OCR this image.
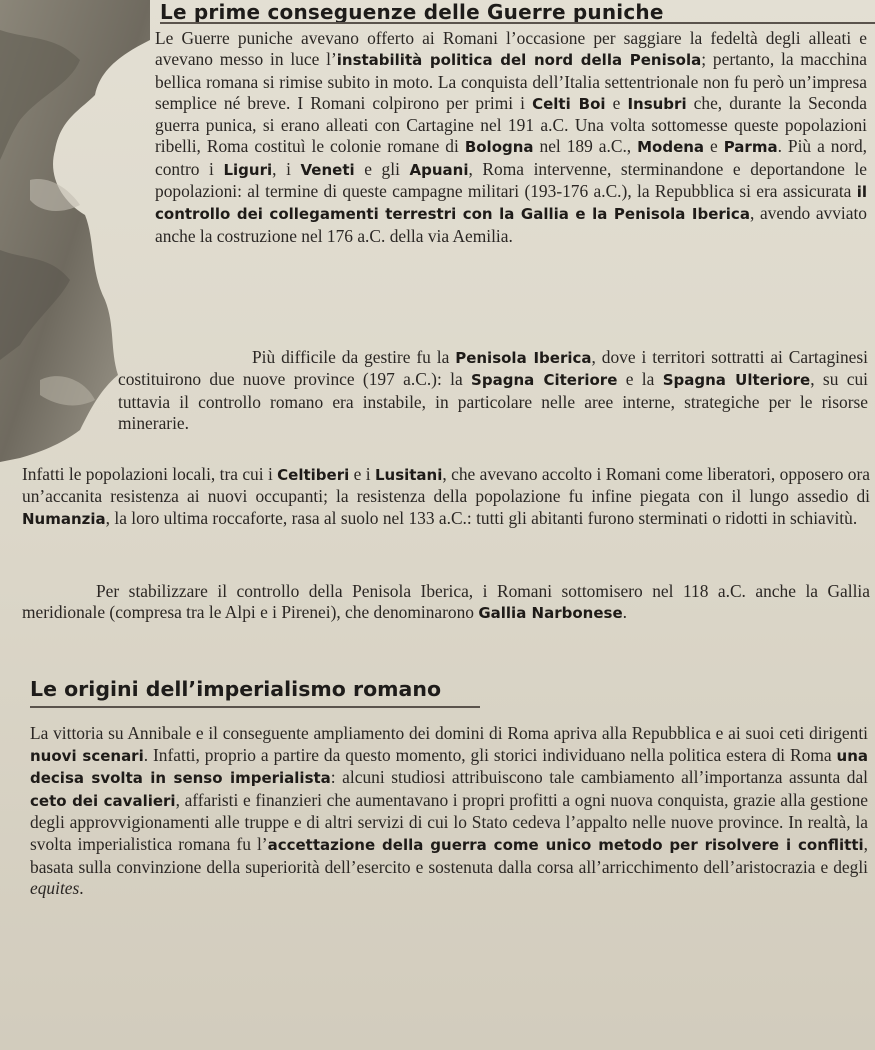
Le prime conseguenze delle Guerre puniche
Le Guerre puniche avevano offerto ai Romani l’occasione per saggiare la fedeltà degli alleati e avevano messo in luce l’instabilità politica del nord della Penisola; pertanto, la macchina bellica romana si rimise subito in moto. La conquista dell’Italia settentrionale non fu però un’impresa semplice né breve. I Romani colpirono per primi i Celti Boi e Insubri che, durante la Seconda guerra punica, si erano alleati con Cartagine nel 191 a.C. Una volta sottomesse queste popolazioni ribelli, Roma costituì le colonie romane di Bologna nel 189 a.C., Modena e Parma. Più a nord, contro i Liguri, i Veneti e gli Apuani, Roma intervenne, sterminandone e deportandone le popolazioni: al termine di queste campagne militari (193-176 a.C.), la Repubblica si era assicurata il controllo dei collegamenti terrestri con la Gallia e la Penisola Iberica, avendo avviato anche la costruzione nel 176 a.C. della via Aemilia.
Più difficile da gestire fu la Penisola Iberica, dove i territori sottratti ai Cartaginesi costituirono due nuove province (197 a.C.): la Spagna Citeriore e la Spagna Ulteriore, su cui tuttavia il controllo romano era instabile, in particolare nelle aree interne, strategiche per le risorse minerarie.
Infatti le popolazioni locali, tra cui i Celtiberi e i Lusitani, che avevano accolto i Romani come liberatori, opposero ora un’accanita resistenza ai nuovi occupanti; la resistenza della popolazione fu infine piegata con il lungo assedio di Numanzia, la loro ultima roccaforte, rasa al suolo nel 133 a.C.: tutti gli abitanti furono sterminati o ridotti in schiavitù.
Per stabilizzare il controllo della Penisola Iberica, i Romani sottomisero nel 118 a.C. anche la Gallia meridionale (compresa tra le Alpi e i Pirenei), che denominarono Gallia Narbonese.
Le origini dell’imperialismo romano
La vittoria su Annibale e il conseguente ampliamento dei domini di Roma apriva alla Repubblica e ai suoi ceti dirigenti nuovi scenari. Infatti, proprio a partire da questo momento, gli storici individuano nella politica estera di Roma una decisa svolta in senso imperialista: alcuni studiosi attribuiscono tale cambiamento all’importanza assunta dal ceto dei cavalieri, affaristi e finanzieri che aumentavano i propri profitti a ogni nuova conquista, grazie alla gestione degli approvvigionamenti alle truppe e di altri servizi di cui lo Stato cedeva l’appalto nelle nuove province. In realtà, la svolta imperialistica romana fu l’accettazione della guerra come unico metodo per risolvere i conflitti, basata sulla convinzione della superiorità dell’esercito e sostenuta dalla corsa all’arricchimento dell’aristocrazia e degli equites.
